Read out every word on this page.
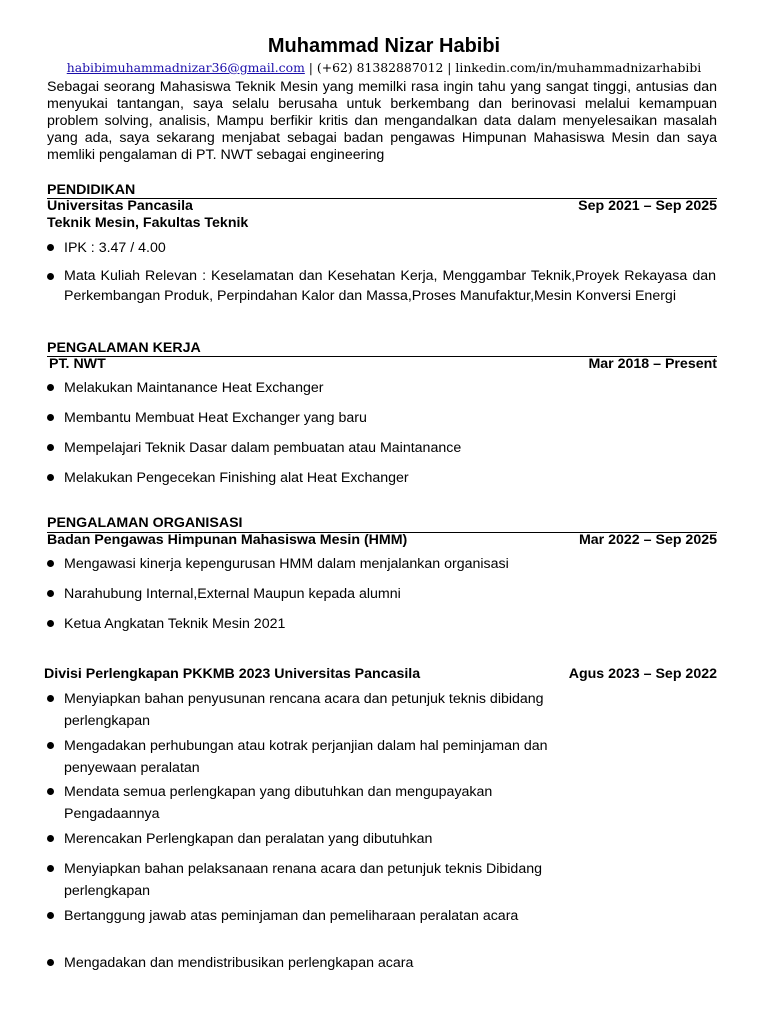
Muhammad Nizar Habibi
habibimuhammadnizar36@gmail.com | (+62) 81382887012 | linkedin.com/in/muhammadnizarhabibi

Sebagai seorang Mahasiswa Teknik Mesin yang memilki rasa ingin tahu yang sangat tinggi, antusias dan menyukai tantangan, saya selalu berusaha untuk berkembang dan berinovasi melalui kemampuan problem solving, analisis, Mampu berfikir kritis dan mengandalkan data dalam menyelesaikan masalah yang ada, saya sekarang menjabat sebagai badan pengawas Himpunan Mahasiswa Mesin dan saya memliki pengalaman di PT. NWT sebagai engineering

PENDIDIKAN
Universitas Pancasila	Sep 2021 – Sep 2025
Teknik Mesin, Fakultas Teknik
IPK : 3.47 / 4.00
Mata Kuliah Relevan : Keselamatan dan Kesehatan Kerja, Menggambar Teknik,Proyek Rekayasa dan Perkembangan Produk, Perpindahan Kalor dan Massa,Proses Manufaktur,Mesin Konversi Energi
PENGALAMAN KERJA
PT. NWT	Mar 2018 – Present
Melakukan Maintanance Heat Exchanger
Membantu Membuat Heat Exchanger yang baru
Mempelajari Teknik Dasar dalam pembuatan atau Maintanance
Melakukan Pengecekan Finishing alat Heat Exchanger
PENGALAMAN ORGANISASI
Badan Pengawas Himpunan Mahasiswa Mesin (HMM)	Mar 2022 – Sep 2025
Mengawasi kinerja kepengurusan HMM dalam menjalankan organisasi
Narahubung Internal,External Maupun kepada alumni
Ketua Angkatan Teknik Mesin 2021
Divisi Perlengkapan PKKMB 2023 Universitas Pancasila	Agus 2023 – Sep 2022
Menyiapkan bahan penyusunan rencana acara dan petunjuk teknis dibidang perlengkapan
Mengadakan perhubungan atau kotrak perjanjian dalam hal peminjaman dan penyewaan peralatan
Mendata semua perlengkapan yang dibutuhkan dan mengupayakan Pengadaannya
Merencakan Perlengkapan dan peralatan yang dibutuhkan
Menyiapkan bahan pelaksanaan renana acara dan petunjuk teknis Dibidang perlengkapan
Bertanggung jawab atas peminjaman dan pemeliharaan peralatan acara
Mengadakan dan mendistribusikan perlengkapan acara
